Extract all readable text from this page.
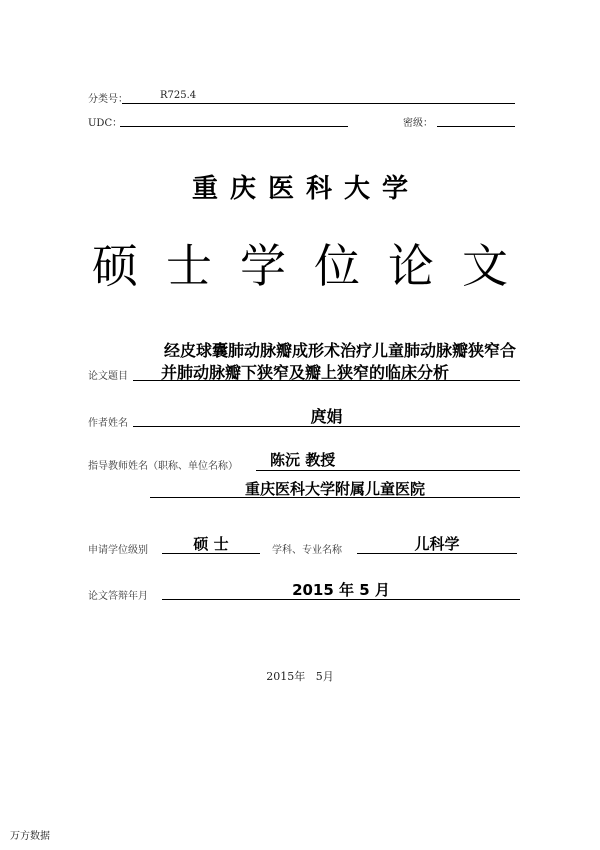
分类号：	R725.4
UDC：	密级：
重庆医科大学
硕士学位论文
论文题目
经皮球囊肺动脉瓣成形术治疗儿童肺动脉瓣狭窄合
并肺动脉瓣下狭窄及瓣上狭窄的临床分析
作者姓名	庹娟
指导教师姓名（职称、单位名称） 陈沅 教授
重庆医科大学附属儿童医院
申请学位级别	硕 士	学科、专业名称	儿科学
论文答辩年月	2015 年 5 月
2015年   5月
万方数据
